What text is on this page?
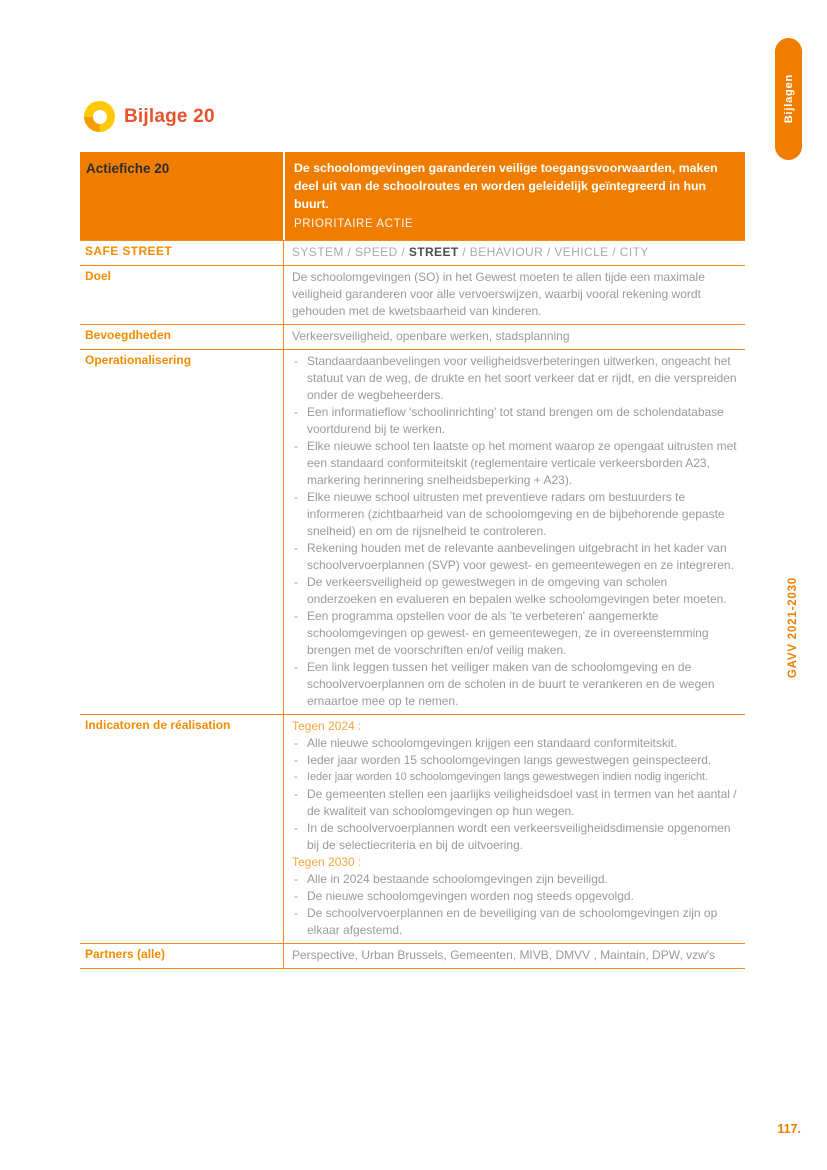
Bijlage 20
Actiefiche 20	De schoolomgevingen garanderen veilige toegangsvoorwaarden, maken deel uit van de schoolroutes en worden geleidelijk geïntegreerd in hun buurt.
PRIORITAIRE ACTIE
SAFE STREET	SYSTEM / SPEED / STREET / BEHAVIOUR / VEHICLE / CITY
Doel	De schoolomgevingen (SO) in het Gewest moeten te allen tijde een maximale veiligheid garanderen voor alle vervoerswijzen, waarbij vooral rekening wordt gehouden met de kwetsbaarheid van kinderen.
Bevoegdheden	Verkeersveiligheid, openbare werken, stadsplanning
Operationalisering	- Standaardaanbevelingen voor veiligheidsverbeteringen uitwerken, ongeacht het statuut van de weg, de drukte en het soort verkeer dat er rijdt, en die verspreiden onder de wegbeheerders.
- Een informatieflow 'schoolinrichting' tot stand brengen om de scholendatabase voortdurend bij te werken.
- Elke nieuwe school ten laatste op het moment waarop ze opengaat uitrusten met een standaard conformiteitskit (reglementaire verticale verkeersborden A23, markering herinnering snelheidsbeperking + A23).
- Elke nieuwe school uitrusten met preventieve radars om bestuurders te informeren (zichtbaarheid van de schoolomgeving en de bijbehorende gepaste snelheid) en om de rijsnelheid te controleren.
- Rekening houden met de relevante aanbevelingen uitgebracht in het kader van schoolvervoerplannen (SVP) voor gewest- en gemeentewegen en ze integreren.
- De verkeersveiligheid op gewestwegen in de omgeving van scholen onderzoeken en evalueren en bepalen welke schoolomgevingen beter moeten.
- Een programma opstellen voor de als 'te verbeteren' aangemerkte schoolomgevingen op gewest- en gemeentewegen, ze in overeenstemming brengen met de voorschriften en/of veilig maken.
- Een link leggen tussen het veiliger maken van de schoolomgeving en de schoolvervoerplannen om de scholen in de buurt te verankeren en de wegen ernaartoe mee op te nemen.
Indicatoren de réalisation	Tegen 2024 :
- Alle nieuwe schoolomgevingen krijgen een standaard conformiteitskit.
- Ieder jaar worden 15 schoolomgevingen langs gewestwegen geinspecteerd.
- Ieder jaar worden 10 schoolomgevingen langs gewestwegen indien nodig ingericht.
- De gemeenten stellen een jaarlijks veiligheidsdoel vast in termen van het aantal / de kwaliteit van schoolomgevingen op hun wegen.
- In de schoolvervoerplannen wordt een verkeersveiligheidsdimensie opgenomen bij de selectiecriteria en bij de uitvoering.
Tegen 2030 :
- Alle in 2024 bestaande schoolomgevingen zijn beveiligd.
- De nieuwe schoolomgevingen worden nog steeds opgevolgd.
- De schoolvervoerplannen en de beveiliging van de schoolomgevingen zijn op elkaar afgestemd.
Partners (alle)	Perspective, Urban Brussels, Gemeenten, MIVB, DMVV , Maintain, DPW, vzw's
Bijlagen
GAVV 2021-2030
117.
